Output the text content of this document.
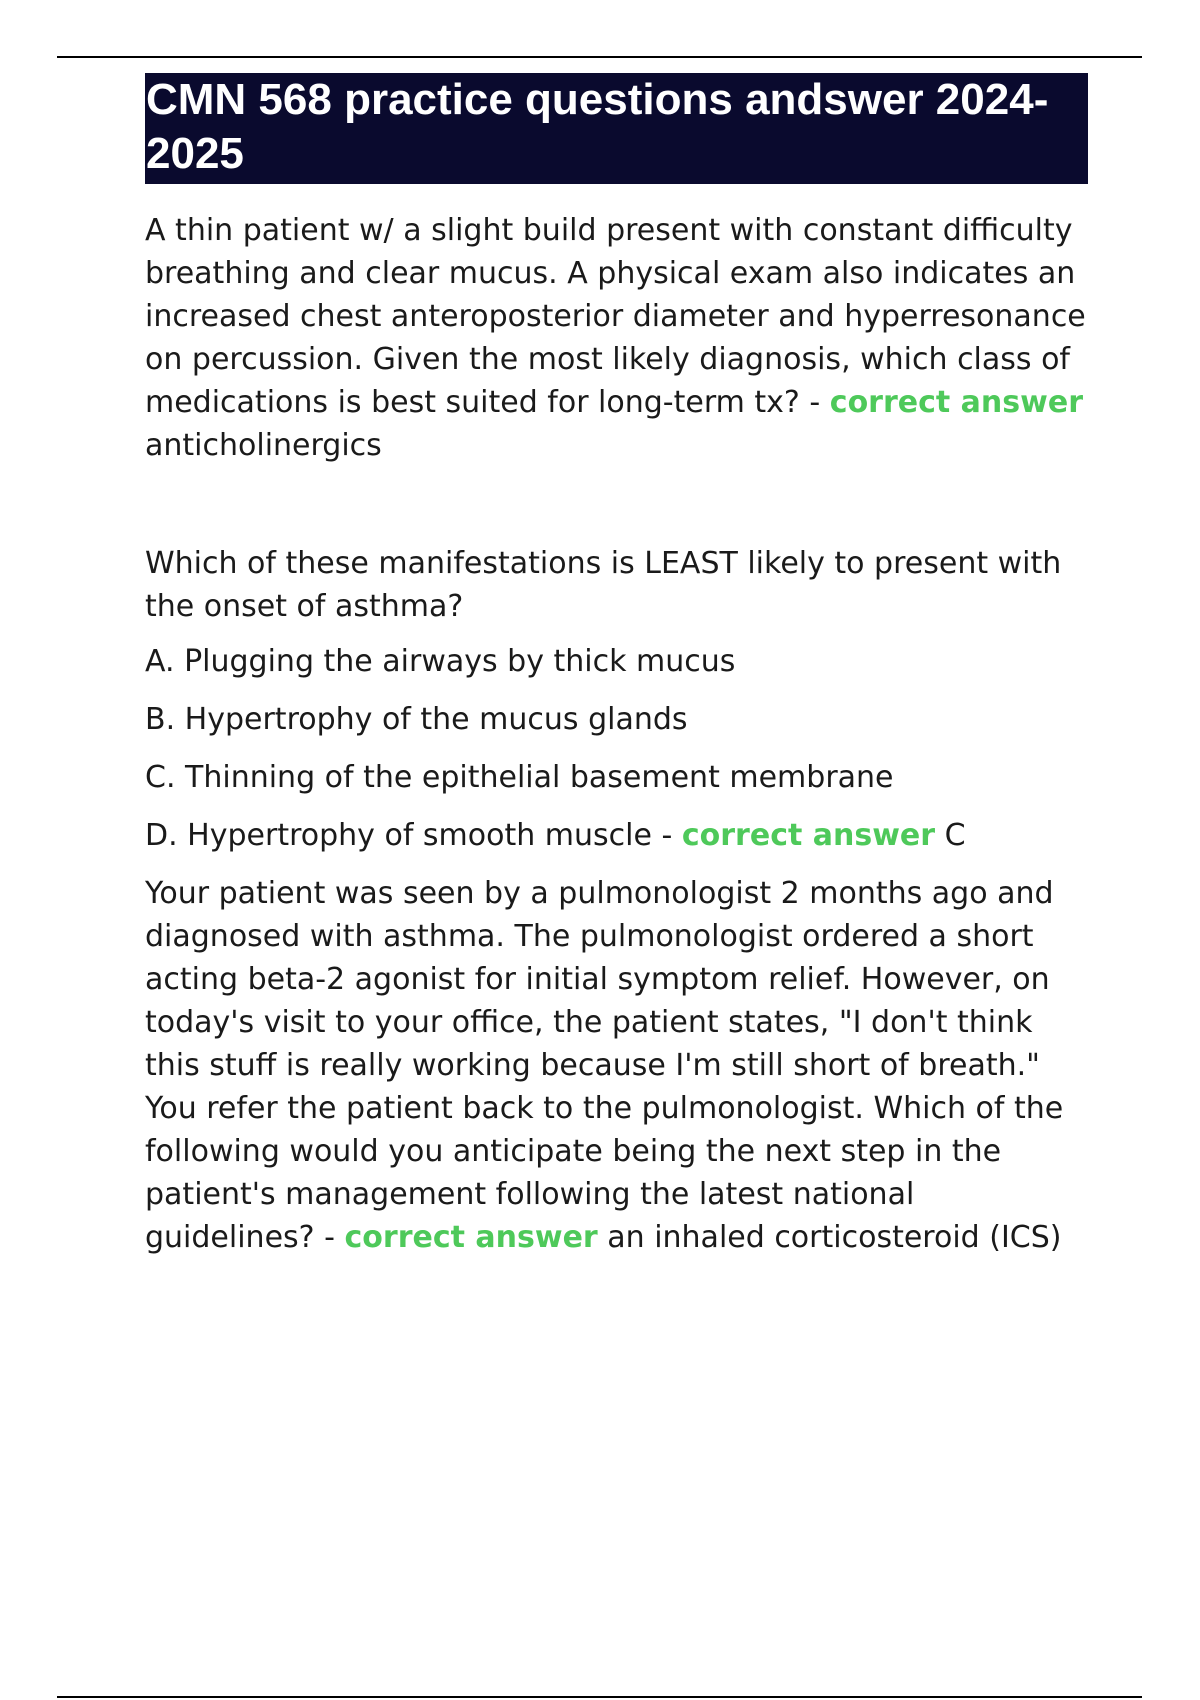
CMN 568 practice questions andswer 2024-2025

A thin patient w/ a slight build present with constant difficulty breathing and clear mucus. A physical exam also indicates an increased chest anteroposterior diameter and hyperresonance on percussion. Given the most likely diagnosis, which class of medications is best suited for long-term tx? - correct answer anticholinergics

Which of these manifestations is LEAST likely to present with the onset of asthma?

A. Plugging the airways by thick mucus

B. Hypertrophy of the mucus glands

C. Thinning of the epithelial basement membrane

D. Hypertrophy of smooth muscle - correct answer C

Your patient was seen by a pulmonologist 2 months ago and diagnosed with asthma. The pulmonologist ordered a short acting beta-2 agonist for initial symptom relief. However, on today's visit to your office, the patient states, "I don't think this stuff is really working because I'm still short of breath." You refer the patient back to the pulmonologist. Which of the following would you anticipate being the next step in the patient's management following the latest national guidelines? - correct answer an inhaled corticosteroid (ICS)
